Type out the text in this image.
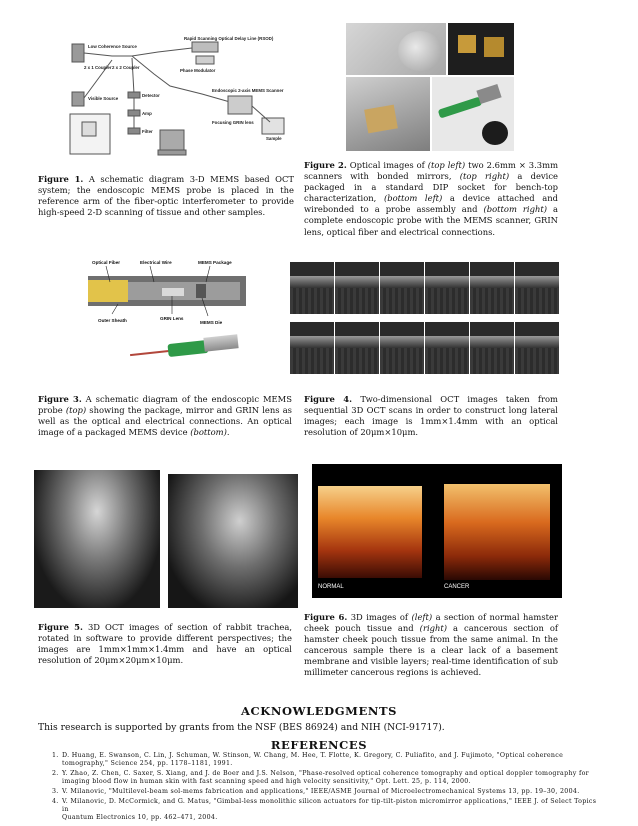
Low Coherence Source
2 x 1 Coupler 2 x 2 Coupler
Rapid Scanning Optical Delay Line (RSOD)
Phase Modulator
Visible Source
Detector
Amp
Filter
Endoscopic 2-axis MEMS Scanner
Focusing GRIN lens
Sample
Figure 2. Optical images of (top left) two 2.6mm × 3.3mm scanners with bonded mirrors, (top right) a device packaged in a standard DIP socket for bench-top characterization, (bottom left) a device attached and wirebonded to a probe assembly and (bottom right) a complete endoscopic probe with the MEMS scanner, GRIN lens, optical fiber and electrical connections.
Figure 1. A schematic diagram 3-D MEMS based OCT system; the endoscopic MEMS probe is placed in the reference arm of the fiber-optic interferometer to provide high-speed 2-D scanning of tissue and other samples.
Optical Fiber	Electrical Wire	MEMS Package
Outer Sheath	GRIN Lens
MEMS Die
Figure 3. A schematic diagram of the endoscopic MEMS probe (top) showing the package, mirror and GRIN lens as well as the optical and electrical connections. An optical image of a packaged MEMS device (bottom).
Figure 4. Two-dimensional OCT images taken from sequential 3D OCT scans in order to construct long lateral images; each image is 1mm×1.4mm with an optical resolution of 20μm×10μm.
NORMAL	CANCER
Figure 6. 3D images of (left) a section of normal hamster cheek pouch tissue and (right) a cancerous section of hamster cheek pouch tissue from the same animal. In the cancerous sample there is a clear lack of a basement membrane and visible layers; real-time identification of sub millimeter cancerous regions is achieved.
Figure 5. 3D OCT images of section of rabbit trachea, rotated in software to provide different perspectives; the images are 1mm×1mm×1.4mm and have an optical resolution of 20μm×20μm×10μm.
ACKNOWLEDGMENTS
This research is supported by grants from the NSF (BES 86924) and NIH (NCI-91717).
REFERENCES
1. D. Huang, E. Swanson, C. Lin, J. Schuman, W. Stinson, W. Chang, M. Hee, T. Flotte, K. Gregory, C. Puliafito, and J. Fujimoto, "Optical coherence
tomography," Science 254, pp. 1178–1181, 1991.
2. Y. Zhao, Z. Chen, C. Saxer, S. Xiang, and J. de Boer and J.S. Nelson, "Phase-resolved optical coherence tomography and optical doppler tomography for
imaging blood flow in human skin with fast scanning speed and high velocity sensitivity," Opt. Lett. 25, p. 114, 2000.
3. V. Milanovic, "Multilevel-beam sol-mems fabrication and applications," IEEE/ASME Journal of Microelectromechanical Systems 13, pp. 19–30, 2004.
4. V. Milanovic, D. McCormick, and G. Matus, "Gimbal-less monolithic silicon actuators for tip-tilt-piston micromirror applications," IEEE J. of Select Topics in
Quantum Electronics 10, pp. 462–471, 2004.
